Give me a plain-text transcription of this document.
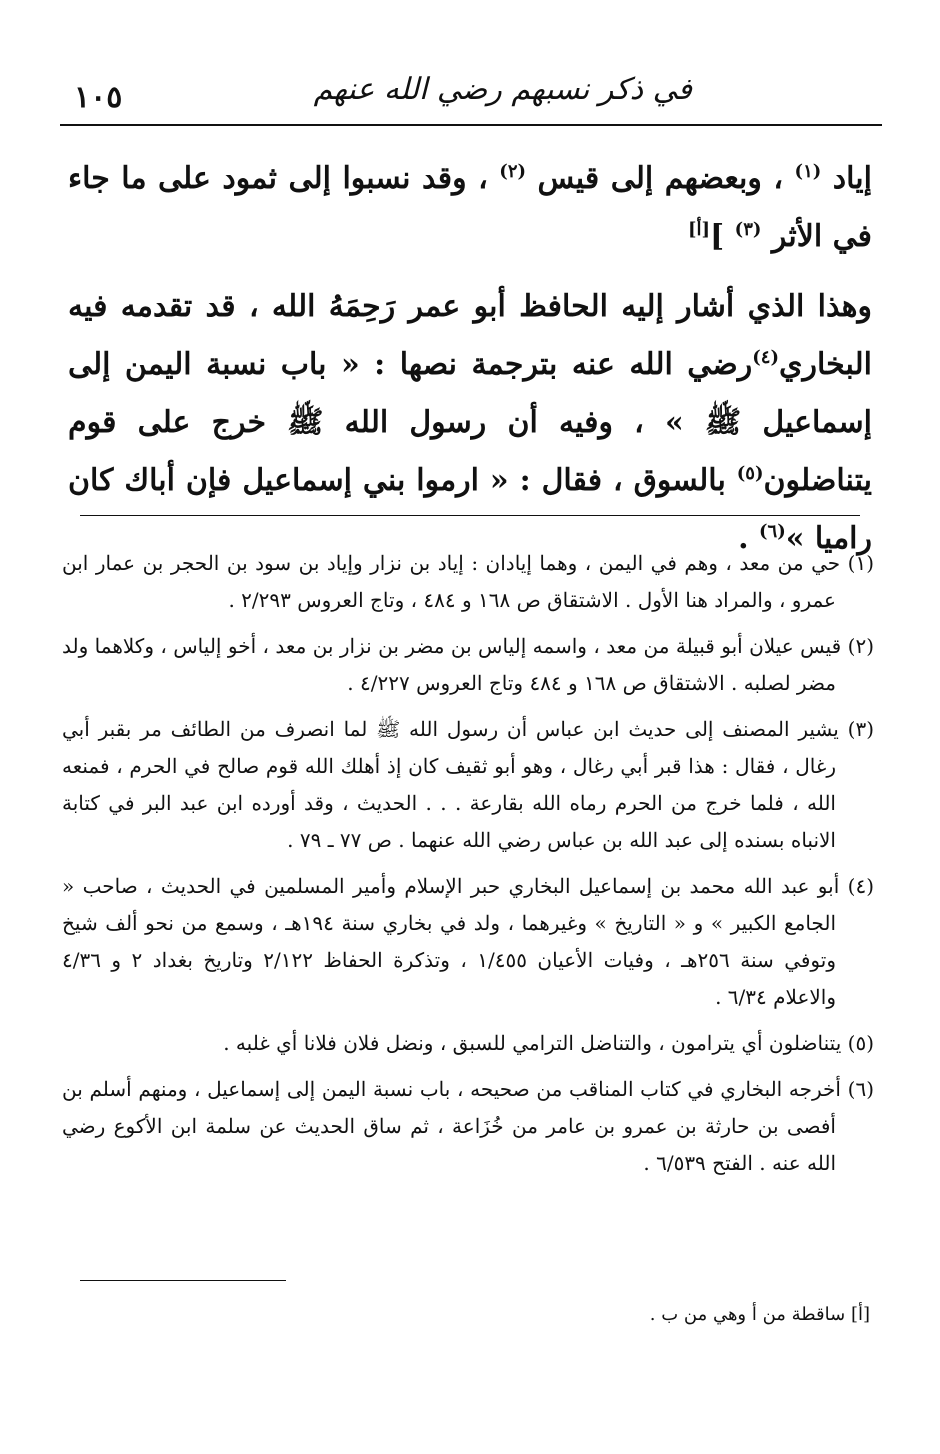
١٠٥	في ذكر نسبهم رضي الله عنهم

إياد $^{(١)}$ ، وبعضهم إلى قيس $^{(٢)}$ ، وقد نسبوا إلى ثمود على ما جاء في الأثر $^{(٣)}$ ][أ]

وهذا الذي أشار إليه الحافظ أبو عمر رَحِمَهُ الله ، قد تقدمه فيه البخاري$^{(٤)}$رضي الله عنه بترجمة نصها : « باب نسبة اليمن إلى إسماعيل ﷺ » ، وفيه أن رسول الله ﷺ خرج على قوم يتناضلون$^{(٥)}$ بالسوق ، فقال : « ارموا بني إسماعيل فإن أباك كان راميا »$^{(٦)}$ .

(١) حي من معد ، وهم في اليمن ، وهما إيادان : إياد بن نزار وإياد بن سود بن الحجر بن عمار ابن عمرو ، والمراد هنا الأول . الاشتقاق ص ١٦٨ و ٤٨٤ ، وتاج العروس ٢/٢٩٣ .

(٢) قيس عيلان أبو قبيلة من معد ، واسمه إلياس بن مضر بن نزار بن معد ، أخو إلياس ، وكلاهما ولد مضر لصلبه . الاشتقاق ص ١٦٨ و ٤٨٤ وتاج العروس ٤/٢٢٧ .

(٣) يشير المصنف إلى حديث ابن عباس أن رسول الله ﷺ لما انصرف من الطائف مر بقبر أبي رغال ، فقال : هذا قبر أبي رغال ، وهو أبو ثقيف كان إذ أهلك الله قوم صالح في الحرم ، فمنعه الله ، فلما خرج من الحرم رماه الله بقارعة . . . الحديث ، وقد أورده ابن عبد البر في كتابة الانباه بسنده إلى عبد الله بن عباس رضي الله عنهما . ص ٧٧ ـ ٧٩ .

(٤) أبو عبد الله محمد بن إسماعيل البخاري حبر الإسلام وأمير المسلمين في الحديث ، صاحب « الجامع الكبير » و « التاريخ » وغيرهما ، ولد في بخاري سنة ١٩٤هـ ، وسمع من نحو ألف شيخ وتوفي سنة ٢٥٦هـ ، وفيات الأعيان ١/٤٥٥ ، وتذكرة الحفاظ ٢/١٢٢ وتاريخ بغداد ٢ و ٤/٣٦ والاعلام ٦/٣٤ .

(٥) يتناضلون أي يترامون ، والتناضل الترامي للسبق ، ونضل فلان فلانا أي غلبه .

(٦) أخرجه البخاري في كتاب المناقب من صحيحه ، باب نسبة اليمن إلى إسماعيل ، ومنهم أسلم بن أفصى بن حارثة بن عمرو بن عامر من خُزَاعة ، ثم ساق الحديث عن سلمة ابن الأكوع رضي الله عنه . الفتح ٦/٥٣٩ .

[أ] ساقطة من أ وهي من ب .
